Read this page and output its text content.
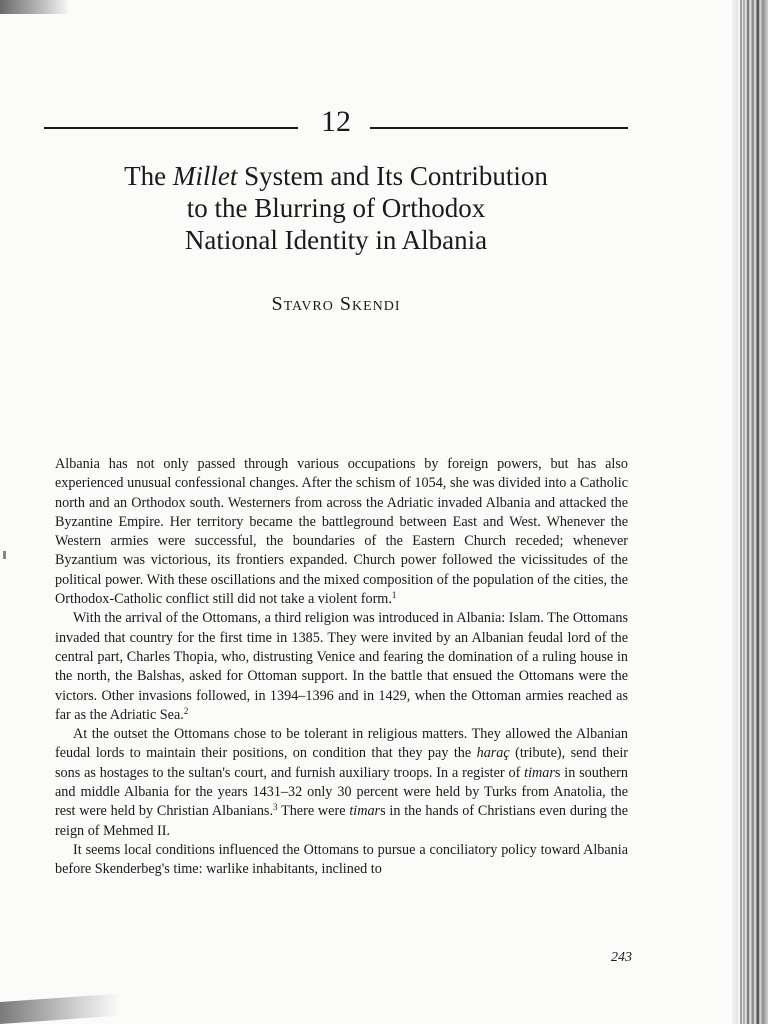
12
The Millet System and Its Contribution
to the Blurring of Orthodox
National Identity in Albania
Stavro Skendi

Albania has not only passed through various occupations by foreign powers, but has also experienced unusual confessional changes. After the schism of 1054, she was divided into a Catholic north and an Orthodox south. Westerners from across the Adriatic invaded Albania and attacked the Byzantine Empire. Her territory became the battleground between East and West. Whenever the Western armies were successful, the boundaries of the Eastern Church receded; whenever Byzantium was victorious, its frontiers expanded. Church power followed the vicissitudes of the political power. With these oscillations and the mixed composition of the population of the cities, the Orthodox-Catholic conflict still did not take a violent form.$^1$

With the arrival of the Ottomans, a third religion was introduced in Albania: Islam. The Ottomans invaded that country for the first time in 1385. They were invited by an Albanian feudal lord of the central part, Charles Thopia, who, distrusting Venice and fearing the domination of a ruling house in the north, the Balshas, asked for Ottoman support. In the battle that ensued the Ottomans were the victors. Other invasions followed, in 1394–1396 and in 1429, when the Ottoman armies reached as far as the Adriatic Sea.$^2$

At the outset the Ottomans chose to be tolerant in religious matters. They allowed the Albanian feudal lords to maintain their positions, on condition that they pay the haraç (tribute), send their sons as hostages to the sultan's court, and furnish auxiliary troops. In a register of timars in southern and middle Albania for the years 1431–32 only 30 percent were held by Turks from Anatolia, the rest were held by Christian Albanians.$^3$ There were timars in the hands of Christians even during the reign of Mehmed II.

It seems local conditions influenced the Ottomans to pursue a conciliatory policy toward Albania before Skenderbeg's time: warlike inhabitants, inclined to

243
